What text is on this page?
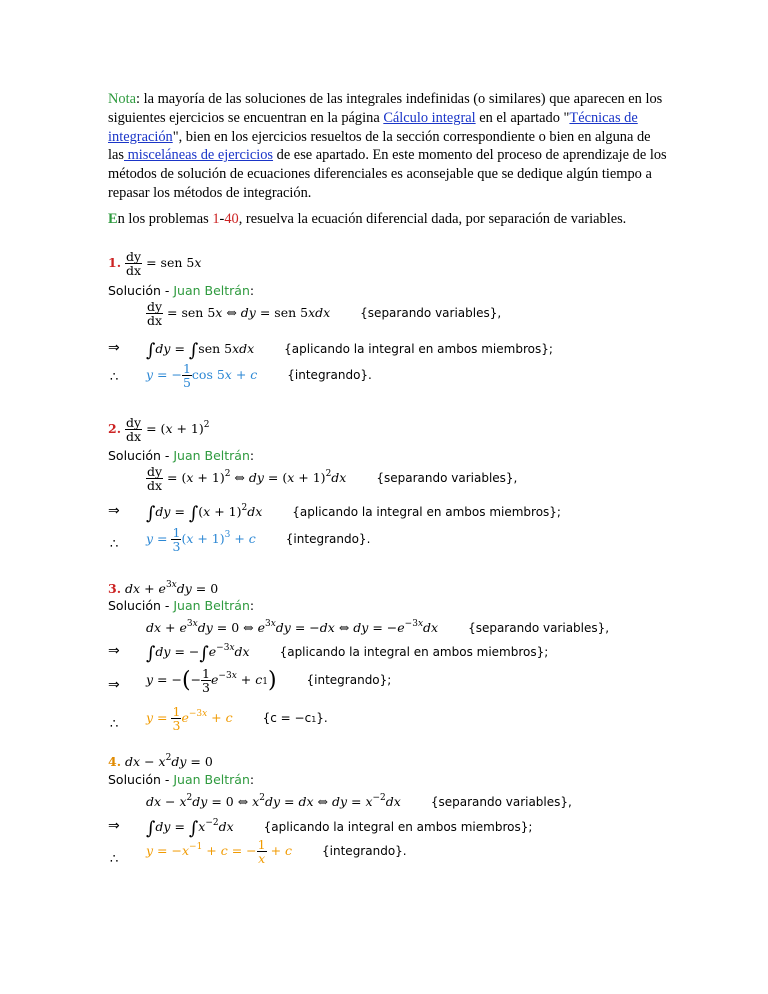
Nota: la mayoría de las soluciones de las integrales indefinidas (o similares) que aparecen en los siguientes ejercicios se encuentran en la página Cálculo integral en el apartado "Técnicas de integración", bien en los ejercicios resueltos de la sección correspondiente o bien en alguna de las misceláneas de ejercicios de ese apartado. En este momento del proceso de aprendizaje de los métodos de solución de ecuaciones diferenciales es aconsejable que se dedique algún tiempo a repasar los métodos de integración.
En los problemas 1-40, resuelva la ecuación diferencial dada, por separación de variables.
1. $\frac{dy}{dx}$ = sen 5x
Solución - Juan Beltrán:
$\frac{dy}{dx}$ = sen 5x ⇔ dy = sen 5xdx {separando variables},
⇒ ∫dy = ∫sen 5xdx {aplicando la integral en ambos miembros};
∴ y = − $\frac{1}{5}$ cos 5x + c {integrando}.
2. $\frac{dy}{dx} = (x + 1)^2$
Solución - Juan Beltrán:
$\frac{dy}{dx} = (x + 1)^2$ ⇔ dy = $(x + 1)^2dx$ {separando variables},
⇒ $\int dy = \int(x + 1)^2dx$ {aplicando la integral en ambos miembros};
∴ $y = \frac{1}{3} (x + 1)^3 + c$ {integrando}.
3. dx + $e^{3x}dy = 0$
Solución - Juan Beltrán:
dx + $e^{3x}dy = 0$ ⇔ $e^{3x}dy = -dx$ ⇔ dy = $-e^{-3x}dx$ {separando variables},
⇒ $\int dy = -\int e^{-3x}dx$ {aplicando la integral en ambos miembros};
⇒ y = −(− $\frac{1}{3} e^{-3x} + c1$) {integrando};
∴ $y = \frac{1}{3} e^{-3x} + c$ {c = −c1}.
4. dx − $x^2dy = 0$
Solución - Juan Beltrán:
dx − $x^2dy = 0$ ⇔ $x^2dy$ = dx ⇔ dy = $x^{-2}dx$ {separando variables},
⇒ $\int dy = \int x^{-2}dx$ {aplicando la integral en ambos miembros};
∴
$y = -x^{-1} + c$ = − $\frac{1}{x} + c$ {integrando}.
